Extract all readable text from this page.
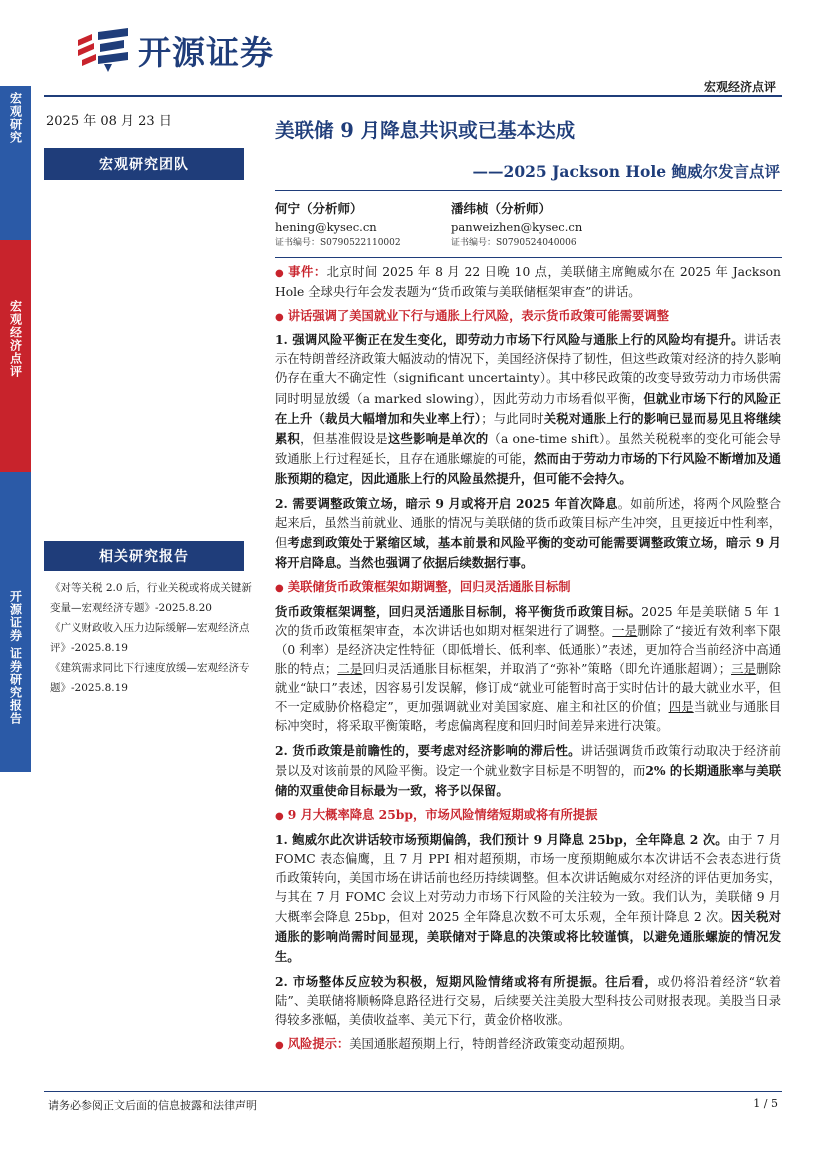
开源证券
宏观经济点评
宏观研究
宏观经济点评
开源证券 证券研究报告
2025 年 08 月 23 日
宏观研究团队
相关研究报告
《对等关税 2.0 后，行业关税或将成关键新变量—宏观经济专题》-2025.8.20
《广义财政收入压力边际缓解—宏观经济点评》-2025.8.19
《建筑需求同比下行速度放缓—宏观经济专题》-2025.8.19
美联储 9 月降息共识或已基本达成
——2025 Jackson Hole 鲍威尔发言点评
何宁（分析师）
hening@kysec.cn
证书编号：S0790522110002
潘纬桢（分析师）
panweizhen@kysec.cn
证书编号：S0790524040006

● 事件：北京时间 2025 年 8 月 22 日晚 10 点，美联储主席鲍威尔在 2025 年 Jackson Hole 全球央行年会发表题为“货币政策与美联储框架审查”的讲话。

● 讲话强调了美国就业下行与通胀上行风险，表示货币政策可能需要调整

1. 强调风险平衡正在发生变化，即劳动力市场下行风险与通胀上行的风险均有提升。讲话表示在特朗普经济政策大幅波动的情况下，美国经济保持了韧性，但这些政策对经济的持久影响仍存在重大不确定性（significant uncertainty）。其中移民政策的改变导致劳动力市场供需同时明显放缓（a marked slowing），因此劳动力市场看似平衡，但就业市场下行的风险正在上升（裁员大幅增加和失业率上行）；与此同时关税对通胀上行的影响已显而易见且将继续累积，但基准假设是这些影响是单次的（a one-time shift）。虽然关税税率的变化可能会导致通胀上行过程延长，且存在通胀螺旋的可能，然而由于劳动力市场的下行风险不断增加及通胀预期的稳定，因此通胀上行的风险虽然提升，但可能不会持久。

2. 需要调整政策立场，暗示 9 月或将开启 2025 年首次降息。如前所述，将两个风险整合起来后，虽然当前就业、通胀的情况与美联储的货币政策目标产生冲突，且更接近中性利率，但考虑到政策处于紧缩区域，基本前景和风险平衡的变动可能需要调整政策立场，暗示 9 月将开启降息。当然也强调了依据后续数据行事。

● 美联储货币政策框架如期调整，回归灵活通胀目标制

货币政策框架调整，回归灵活通胀目标制，将平衡货币政策目标。2025 年是美联储 5 年 1 次的货币政策框架审查，本次讲话也如期对框架进行了调整。一是删除了“接近有效利率下限（0 利率）是经济决定性特征（即低增长、低利率、低通胀）”表述，更加符合当前经济中高通胀的特点；二是回归灵活通胀目标框架，并取消了“弥补”策略（即允许通胀超调）；三是删除就业“缺口”表述，因容易引发误解，修订成“就业可能暂时高于实时估计的最大就业水平，但不一定威胁价格稳定”，更加强调就业对美国家庭、雇主和社区的价值；四是当就业与通胀目标冲突时，将采取平衡策略，考虑偏离程度和回归时间差异来进行决策。

2. 货币政策是前瞻性的，要考虑对经济影响的滞后性。讲话强调货币政策行动取决于经济前景以及对该前景的风险平衡。设定一个就业数字目标是不明智的，而2% 的长期通胀率与美联储的双重使命目标最为一致，将予以保留。

● 9 月大概率降息 25bp，市场风险情绪短期或将有所提振

1. 鲍威尔此次讲话较市场预期偏鸽，我们预计 9 月降息 25bp，全年降息 2 次。由于 7 月 FOMC 表态偏鹰，且 7 月 PPI 相对超预期，市场一度预期鲍威尔本次讲话不会表态进行货币政策转向，美国市场在讲话前也经历持续调整。但本次讲话鲍威尔对经济的评估更加务实，与其在 7 月 FOMC 会议上对劳动力市场下行风险的关注较为一致。我们认为，美联储 9 月大概率会降息 25bp，但对 2025 全年降息次数不可太乐观，全年预计降息 2 次。因关税对通胀的影响尚需时间显现，美联储对于降息的决策或将比较谨慎，以避免通胀螺旋的情况发生。

2. 市场整体反应较为积极，短期风险情绪或将有所提振。往后看，或仍将沿着经济“软着陆”、美联储将顺畅降息路径进行交易，后续要关注美股大型科技公司财报表现。美股当日录得较多涨幅，美债收益率、美元下行，黄金价格收涨。

● 风险提示：美国通胀超预期上行，特朗普经济政策变动超预期。

请务必参阅正文后面的信息披露和法律声明	1 / 5
